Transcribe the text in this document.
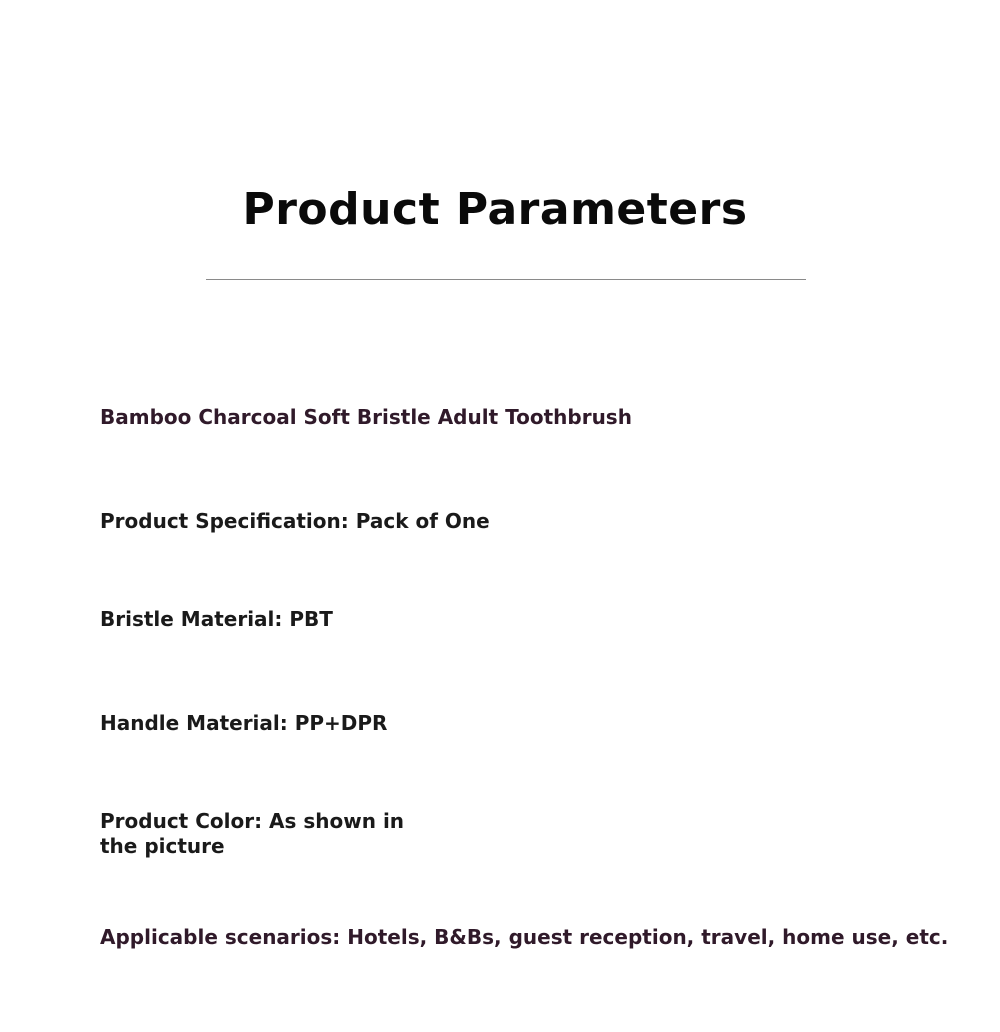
Product Parameters
Bamboo Charcoal Soft Bristle Adult Toothbrush
Product Specification: Pack of One
Bristle Material: PBT
Handle Material: PP+DPR
Product Color: As shown in the picture
Applicable scenarios: Hotels, B&Bs, guest reception, travel, home use, etc.
